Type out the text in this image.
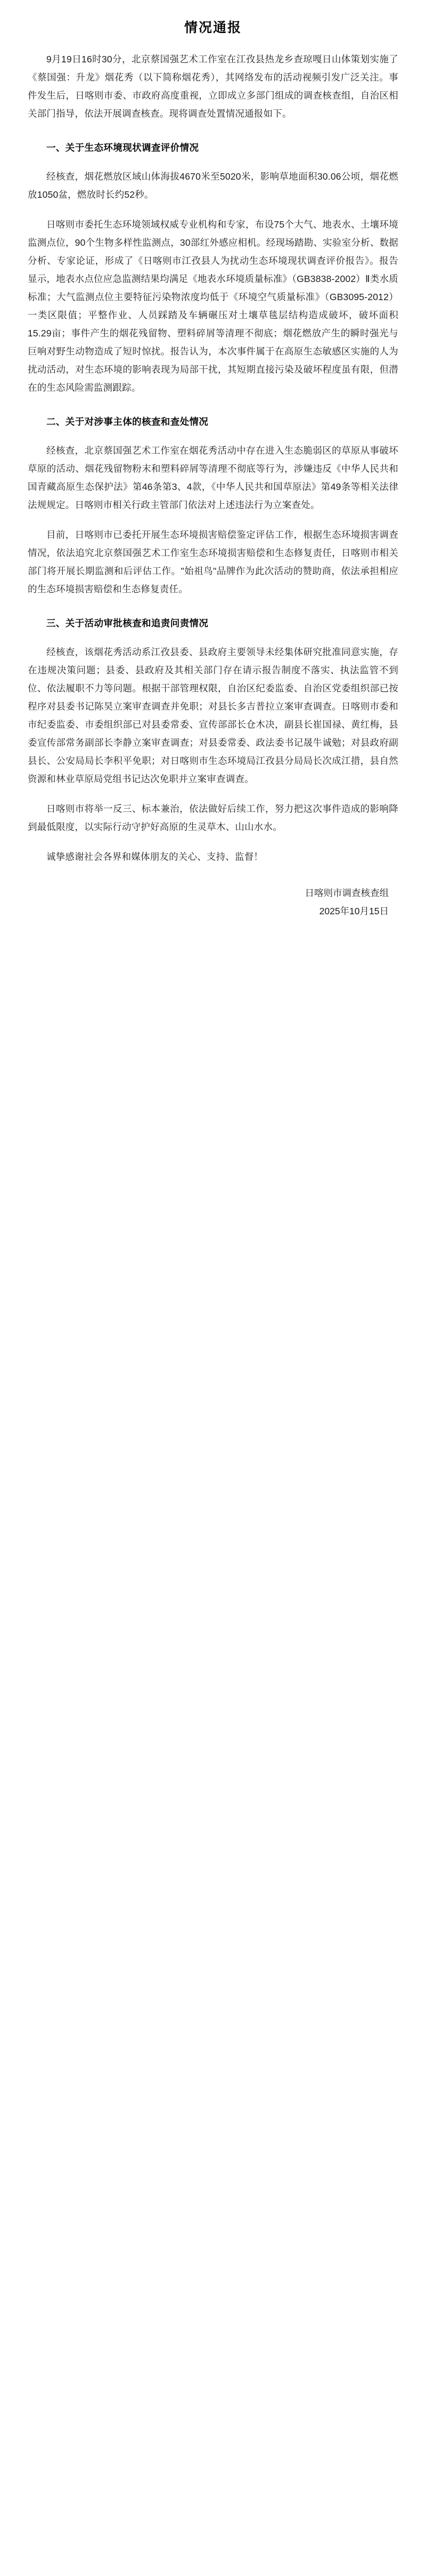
情况通报

9月19日16时30分，北京蔡国强艺术工作室在江孜县热龙乡查琼嘎日山体策划实施了《蔡国强：升龙》烟花秀（以下简称烟花秀），其网络发布的活动视频引发广泛关注。事件发生后，日喀则市委、市政府高度重视，立即成立多部门组成的调查核查组，自治区相关部门指导，依法开展调查核查。现将调查处置情况通报如下。

一、关于生态环境现状调查评价情况

经核查，烟花燃放区域山体海拔4670米至5020米，影响草地面积30.06公顷，烟花燃放1050盆，燃放时长约52秒。

日喀则市委托生态环境领域权威专业机构和专家，布设75个大气、地表水、土壤环境监测点位，90个生物多样性监测点，30部红外感应相机。经现场踏勘、实验室分析、数据分析、专家论证，形成了《日喀则市江孜县人为扰动生态环境现状调查评价报告》。报告显示，地表水点位应急监测结果均满足《地表水环境质量标准》（GB3838-2002）Ⅱ类水质标准；大气监测点位主要特征污染物浓度均低于《环境空气质量标准》（GB3095-2012）一类区限值；平整作业、人员踩踏及车辆碾压对土壤草毯层结构造成破坏，破坏面积15.29亩；事件产生的烟花残留物、塑料碎屑等清理不彻底；烟花燃放产生的瞬时强光与巨响对野生动物造成了短时惊扰。报告认为，本次事件属于在高原生态敏感区实施的人为扰动活动，对生态环境的影响表现为局部干扰，其短期直接污染及破坏程度虽有限，但潜在的生态风险需监测跟踪。

二、关于对涉事主体的核查和查处情况

经核查，北京蔡国强艺术工作室在烟花秀活动中存在进入生态脆弱区的草原从事破坏草原的活动、烟花残留物粉末和塑料碎屑等清理不彻底等行为，涉嫌违反《中华人民共和国青藏高原生态保护法》第46条第3、4款，《中华人民共和国草原法》第49条等相关法律法规规定。日喀则市相关行政主管部门依法对上述违法行为立案查处。

目前，日喀则市已委托开展生态环境损害赔偿鉴定评估工作，根据生态环境损害调查情况，依法追究北京蔡国强艺术工作室生态环境损害赔偿和生态修复责任，日喀则市相关部门将开展长期监测和后评估工作。"始祖鸟"品牌作为此次活动的赞助商，依法承担相应的生态环境损害赔偿和生态修复责任。

三、关于活动审批核查和追责问责情况

经核查，该烟花秀活动系江孜县委、县政府主要领导未经集体研究批准同意实施，存在违规决策问题；县委、县政府及其相关部门存在请示报告制度不落实、执法监管不到位、依法履职不力等问题。根据干部管理权限，自治区纪委监委、自治区党委组织部已按程序对县委书记陈昊立案审查调查并免职；对县长多吉普拉立案审查调查。日喀则市委和市纪委监委、市委组织部已对县委常委、宣传部部长仓木决，副县长崔国禄、黄红梅，县委宣传部常务副部长李静立案审查调查；对县委常委、政法委书记晟牛诚勉；对县政府副县长、公安局局长李积平免职；对日喀则市生态环境局江孜县分局局长次成江措，县自然资源和林业草原局党组书记达次免职并立案审查调查。

日喀则市将举一反三、标本兼治，依法做好后续工作，努力把这次事件造成的影响降到最低限度，以实际行动守护好高原的生灵草木、山山水水。

诚挚感谢社会各界和媒体朋友的关心、支持、监督！

日喀则市调查核查组
2025年10月15日
